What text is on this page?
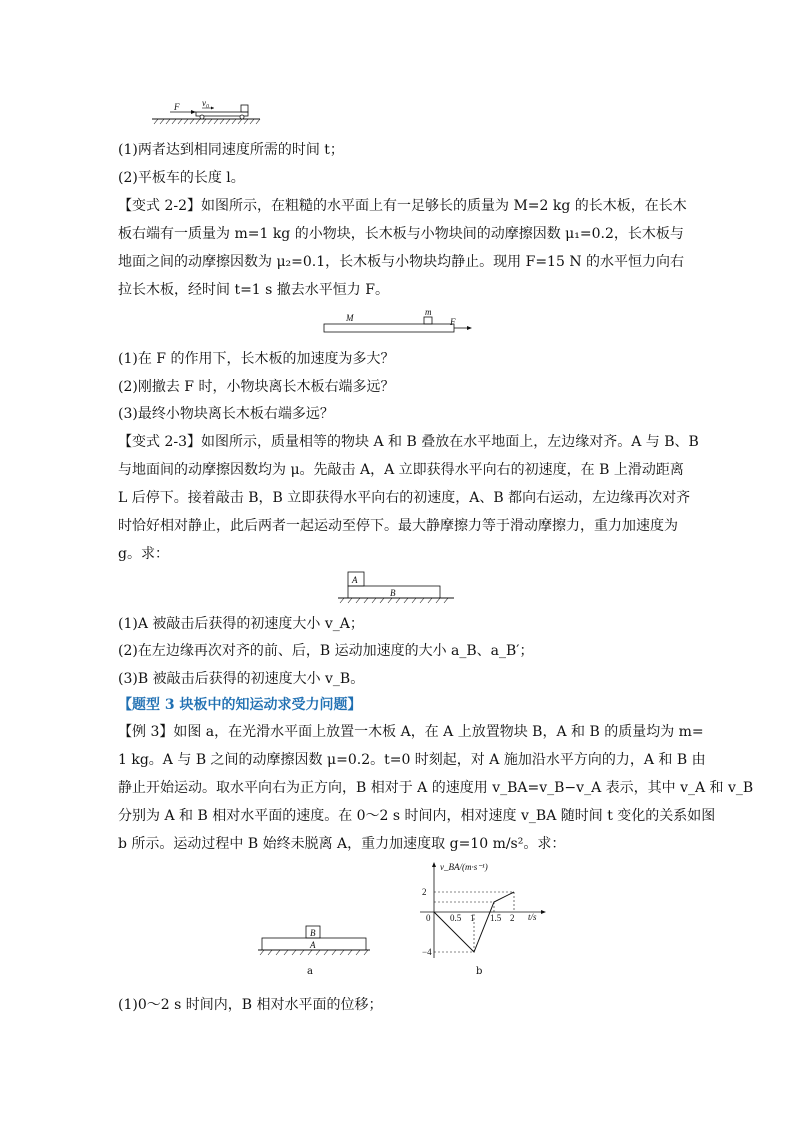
F	v₀
(1)两者达到相同速度所需的时间 t；
(2)平板车的长度 l。
【变式 2-2】如图所示，在粗糙的水平面上有一足够长的质量为 M=2 kg 的长木板，在长木
板右端有一质量为 m=1 kg 的小物块，长木板与小物块间的动摩擦因数 μ₁=0.2，长木板与
地面之间的动摩擦因数为 μ₂=0.1，长木板与小物块均静止。现用 F=15 N 的水平恒力向右
拉长木板，经时间 t=1 s 撤去水平恒力 F。
M
m
F
(1)在 F 的作用下，长木板的加速度为多大？
(2)刚撤去 F 时，小物块离长木板右端多远？
(3)最终小物块离长木板右端多远？
【变式 2-3】如图所示，质量相等的物块 A 和 B 叠放在水平地面上，左边缘对齐。A 与 B、B
与地面间的动摩擦因数均为 μ。先敲击 A，A 立即获得水平向右的初速度，在 B 上滑动距离
L 后停下。接着敲击 B，B 立即获得水平向右的初速度，A、B 都向右运动，左边缘再次对齐
时恰好相对静止，此后两者一起运动至停下。最大静摩擦力等于滑动摩擦力，重力加速度为
g。求：
A
B
(1)A 被敲击后获得的初速度大小 v_A；
(2)在左边缘再次对齐的前、后，B 运动加速度的大小 a_B、a_B′；
(3)B 被敲击后获得的初速度大小 v_B。
【题型 3 块板中的知运动求受力问题】
【例 3】如图 a，在光滑水平面上放置一木板 A，在 A 上放置物块 B，A 和 B 的质量均为 m=
1 kg。A 与 B 之间的动摩擦因数 μ=0.2。t=0 时刻起，对 A 施加沿水平方向的力，A 和 B 由
静止开始运动。取水平向右为正方向，B 相对于 A 的速度用 v_BA=v_B−v_A 表示，其中 v_A 和 v_B
分别为 A 和 B 相对水平面的速度。在 0～2 s 时间内，相对速度 v_BA 随时间 t 变化的关系如图
b 所示。运动过程中 B 始终未脱离 A，重力加速度取 g=10 m/s²。求：
B
A
a
v_BA/(m·s⁻¹)
t/s
0 0.5 1 1.5 2
2
−4
b
(1)0～2 s 时间内，B 相对水平面的位移；
